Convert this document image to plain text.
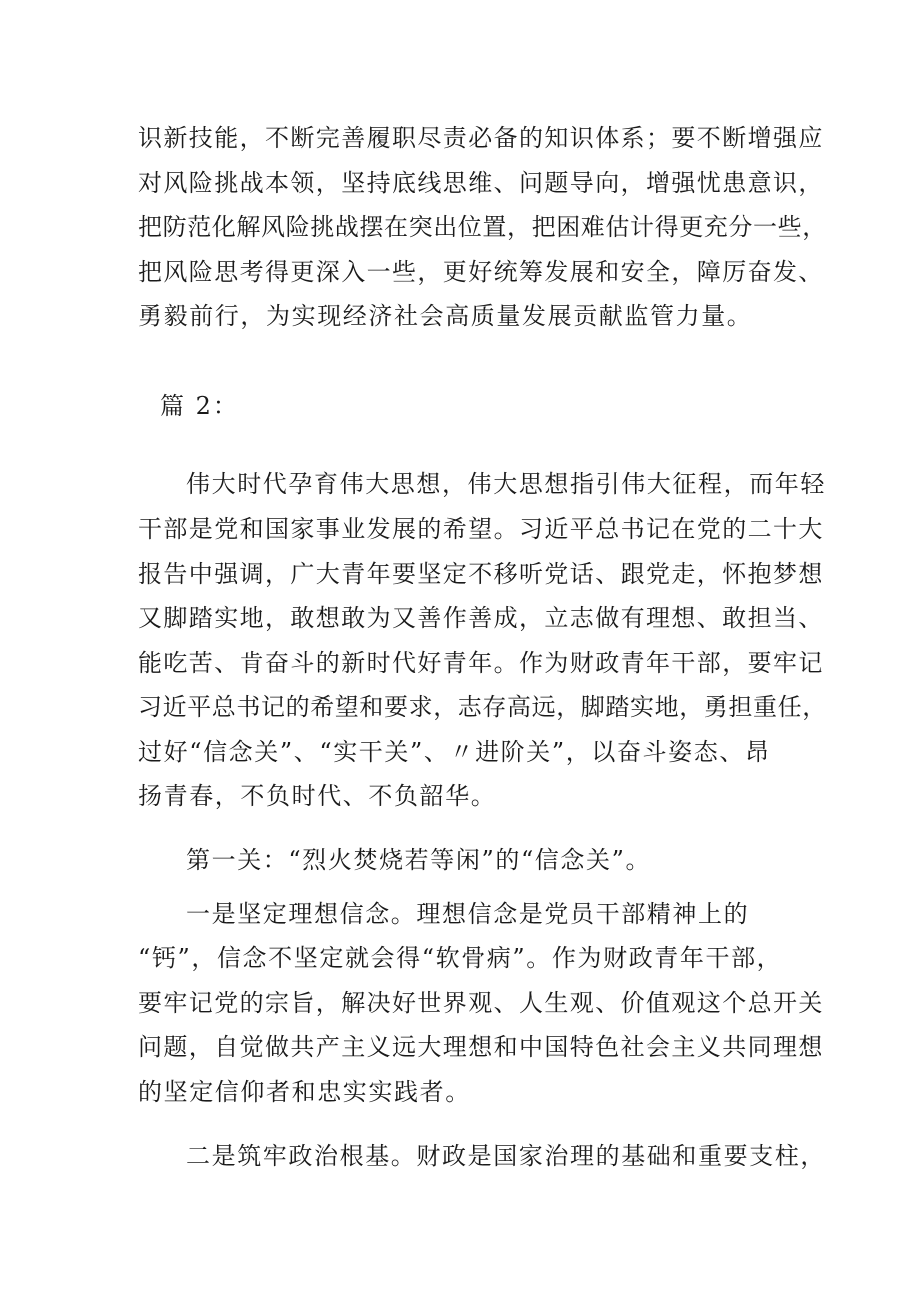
识新技能，不断完善履职尽责必备的知识体系；要不断增强应
对风险挑战本领，坚持底线思维、问题导向，增强忧患意识，
把防范化解风险挑战摆在突出位置，把困难估计得更充分一些，
把风险思考得更深入一些，更好统筹发展和安全，障厉奋发、
勇毅前行，为实现经济社会高质量发展贡献监管力量。
篇 2：
伟大时代孕育伟大思想，伟大思想指引伟大征程，而年轻
干部是党和国家事业发展的希望。习近平总书记在党的二十大
报告中强调，广大青年要坚定不移听党话、跟党走，怀抱梦想
又脚踏实地，敢想敢为又善作善成，立志做有理想、敢担当、
能吃苦、肯奋斗的新时代好青年。作为财政青年干部，要牢记
习近平总书记的希望和要求，志存高远，脚踏实地，勇担重任，
过好“信念关”、“实干关”、〃进阶关”，以奋斗姿态、昂
扬青春，不负时代、不负韶华。
第一关：“烈火焚烧若等闲”的“信念关”。
一是坚定理想信念。理想信念是党员干部精神上的
“钙”，信念不坚定就会得“软骨病”。作为财政青年干部，
要牢记党的宗旨，解决好世界观、人生观、价值观这个总开关
问题，自觉做共产主义远大理想和中国特色社会主义共同理想
的坚定信仰者和忠实实践者。
二是筑牢政治根基。财政是国家治理的基础和重要支柱，
